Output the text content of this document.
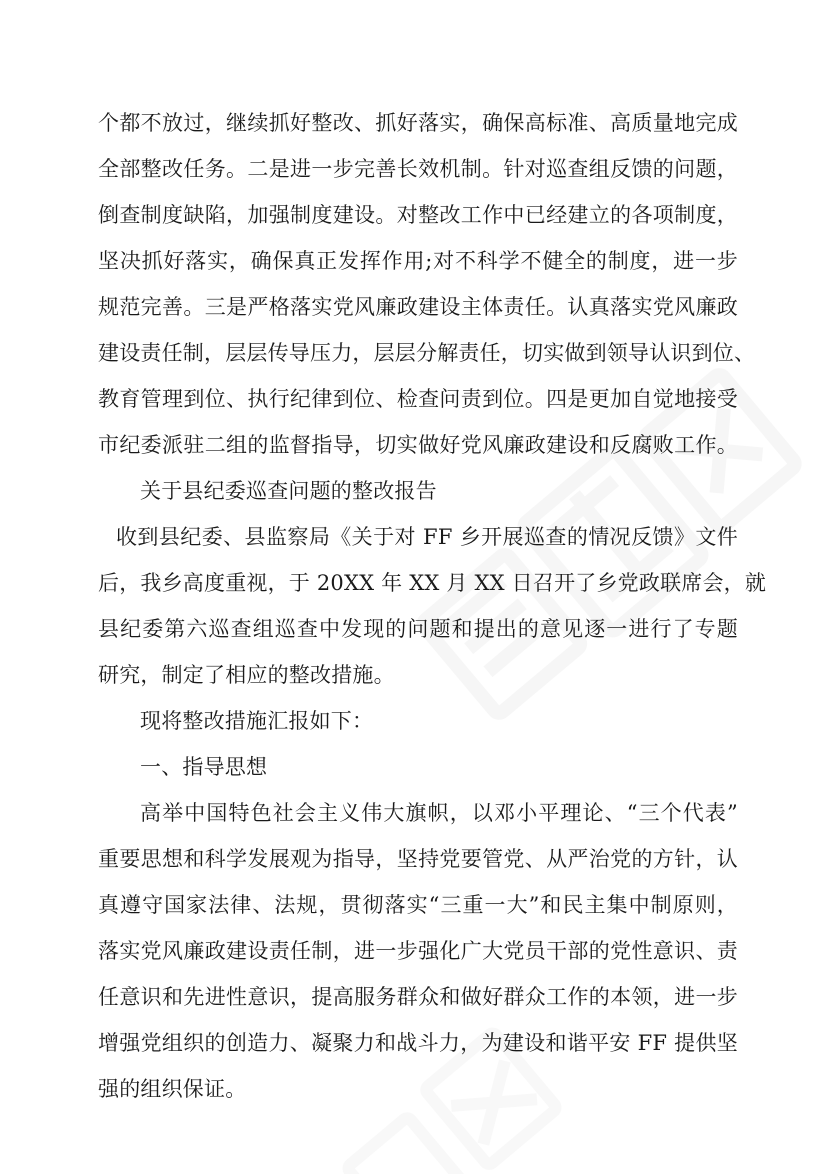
个都不放过，继续抓好整改、抓好落实，确保高标准、高质量地完成
全部整改任务。二是进一步完善长效机制。针对巡查组反馈的问题，
倒查制度缺陷，加强制度建设。对整改工作中已经建立的各项制度，
坚决抓好落实，确保真正发挥作用;对不科学不健全的制度，进一步
规范完善。三是严格落实党风廉政建设主体责任。认真落实党风廉政
建设责任制，层层传导压力，层层分解责任，切实做到领导认识到位、
教育管理到位、执行纪律到位、检查问责到位。四是更加自觉地接受
市纪委派驻二组的监督指导，切实做好党风廉政建设和反腐败工作。
关于县纪委巡查问题的整改报告
收到县纪委、县监察局《关于对 FF 乡开展巡查的情况反馈》文件
后，我乡高度重视，于 20XX 年 XX 月 XX 日召开了乡党政联席会，就
县纪委第六巡查组巡查中发现的问题和提出的意见逐一进行了专题
研究，制定了相应的整改措施。
现将整改措施汇报如下：
一、指导思想
高举中国特色社会主义伟大旗帜，以邓小平理论、“三个代表”
重要思想和科学发展观为指导，坚持党要管党、从严治党的方针，认
真遵守国家法律、法规，贯彻落实“三重一大”和民主集中制原则，
落实党风廉政建设责任制，进一步强化广大党员干部的党性意识、责
任意识和先进性意识，提高服务群众和做好群众工作的本领，进一步
增强党组织的创造力、凝聚力和战斗力，为建设和谐平安 FF 提供坚
强的组织保证。
